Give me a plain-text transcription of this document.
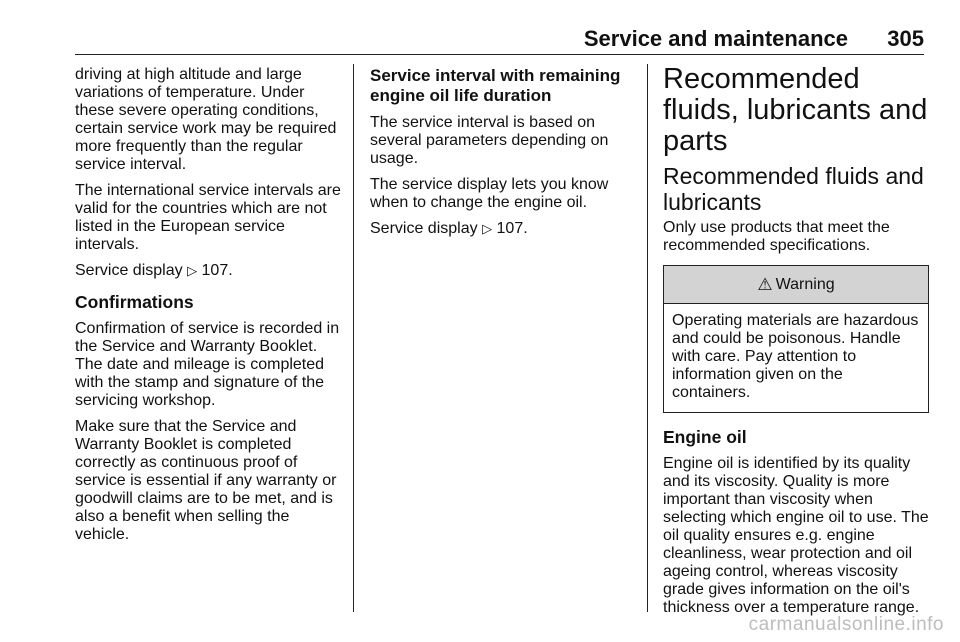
Service and maintenance 305

driving at high altitude and large variations of temperature. Under these severe operating conditions, certain service work may be required more frequently than the regular service interval.

The international service intervals are valid for the countries which are not listed in the European service intervals.

Service display ▷ 107.

Confirmations

Confirmation of service is recorded in the Service and Warranty Booklet. The date and mileage is completed with the stamp and signature of the servicing workshop.

Make sure that the Service and Warranty Booklet is completed correctly as continuous proof of service is essential if any warranty or goodwill claims are to be met, and is also a benefit when selling the vehicle.

Service interval with remaining engine oil life duration

The service interval is based on several parameters depending on usage.

The service display lets you know when to change the engine oil.

Service display ▷ 107.

Recommended fluids, lubricants and parts
Recommended fluids and lubricants

Only use products that meet the recommended specifications.

⚠ Warning

Operating materials are hazardous and could be poisonous. Handle with care. Pay attention to information given on the containers.

Engine oil

Engine oil is identified by its quality and its viscosity. Quality is more important than viscosity when selecting which engine oil to use. The oil quality ensures e.g. engine cleanliness, wear protection and oil ageing control, whereas viscosity grade gives information on the oil's thickness over a temperature range.

carmanualsonline.info
